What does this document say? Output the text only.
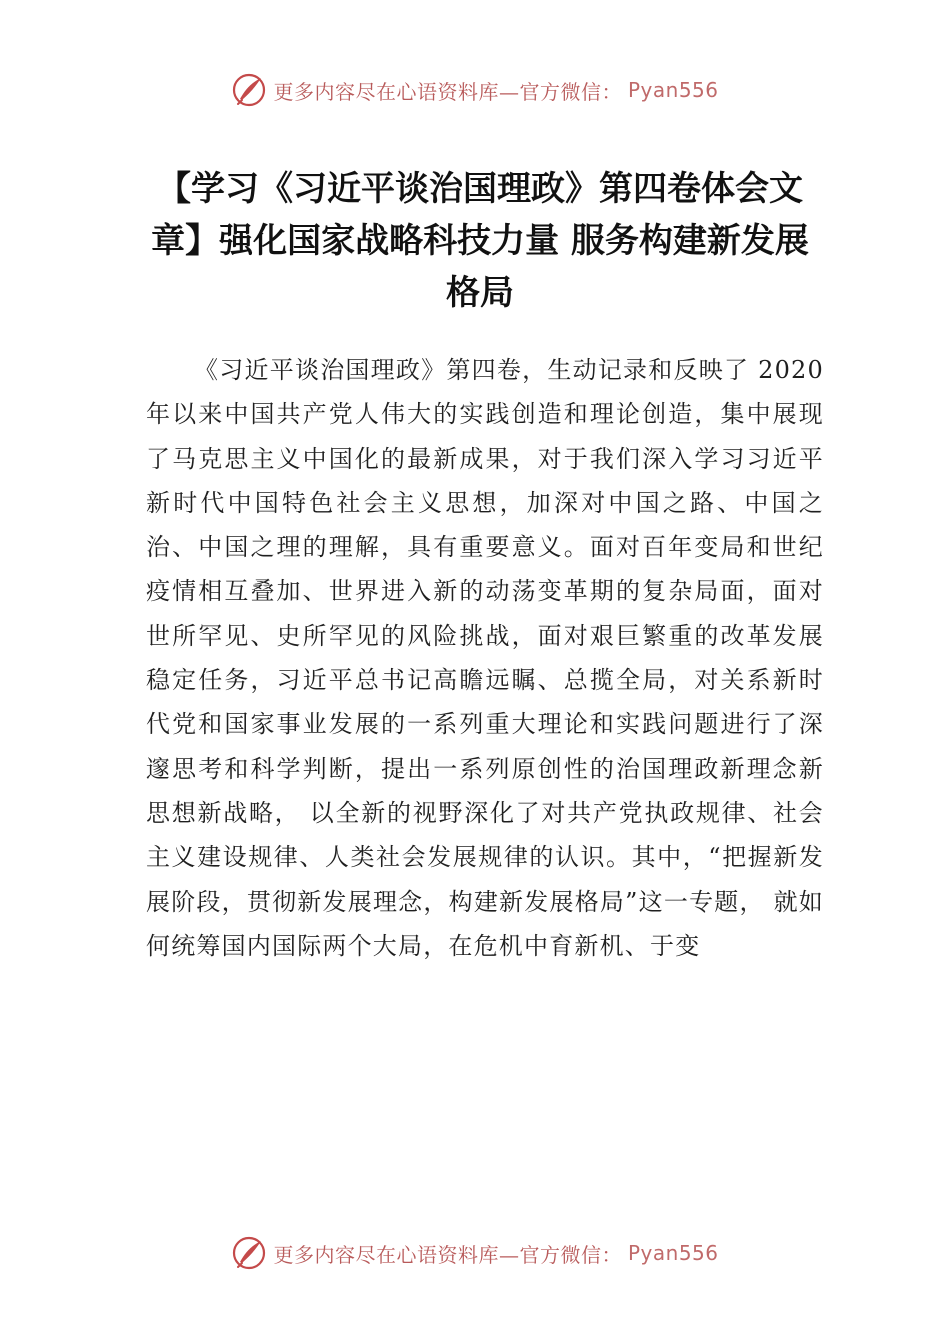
更多内容尽在心语资料库—官方微信： Pyan556
【学习《习近平谈治国理政》第四卷体会文章】强化国家战略科技力量 服务构建新发展格局

《习近平谈治国理政》第四卷，生动记录和反映了 2020 年以来中国共产党人伟大的实践创造和理论创造，集中展现了马克思主义中国化的最新成果，对于我们深入学习习近平新时代中国特色社会主义思想，加深对中国之路、中国之治、中国之理的理解，具有重要意义。面对百年变局和世纪疫情相互叠加、世界进入新的动荡变革期的复杂局面，面对世所罕见、史所罕见的风险挑战，面对艰巨繁重的改革发展稳定任务，习近平总书记高瞻远瞩、总揽全局，对关系新时代党和国家事业发展的一系列重大理论和实践问题进行了深邃思考和科学判断，提出一系列原创性的治国理政新理念新思想新战略， 以全新的视野深化了对共产党执政规律、社会主义建设规律、人类社会发展规律的认识。其中，“把握新发展阶段，贯彻新发展理念，构建新发展格局”这一专题， 就如何统筹国内国际两个大局，在危机中育新机、于变

更多内容尽在心语资料库—官方微信： Pyan556
